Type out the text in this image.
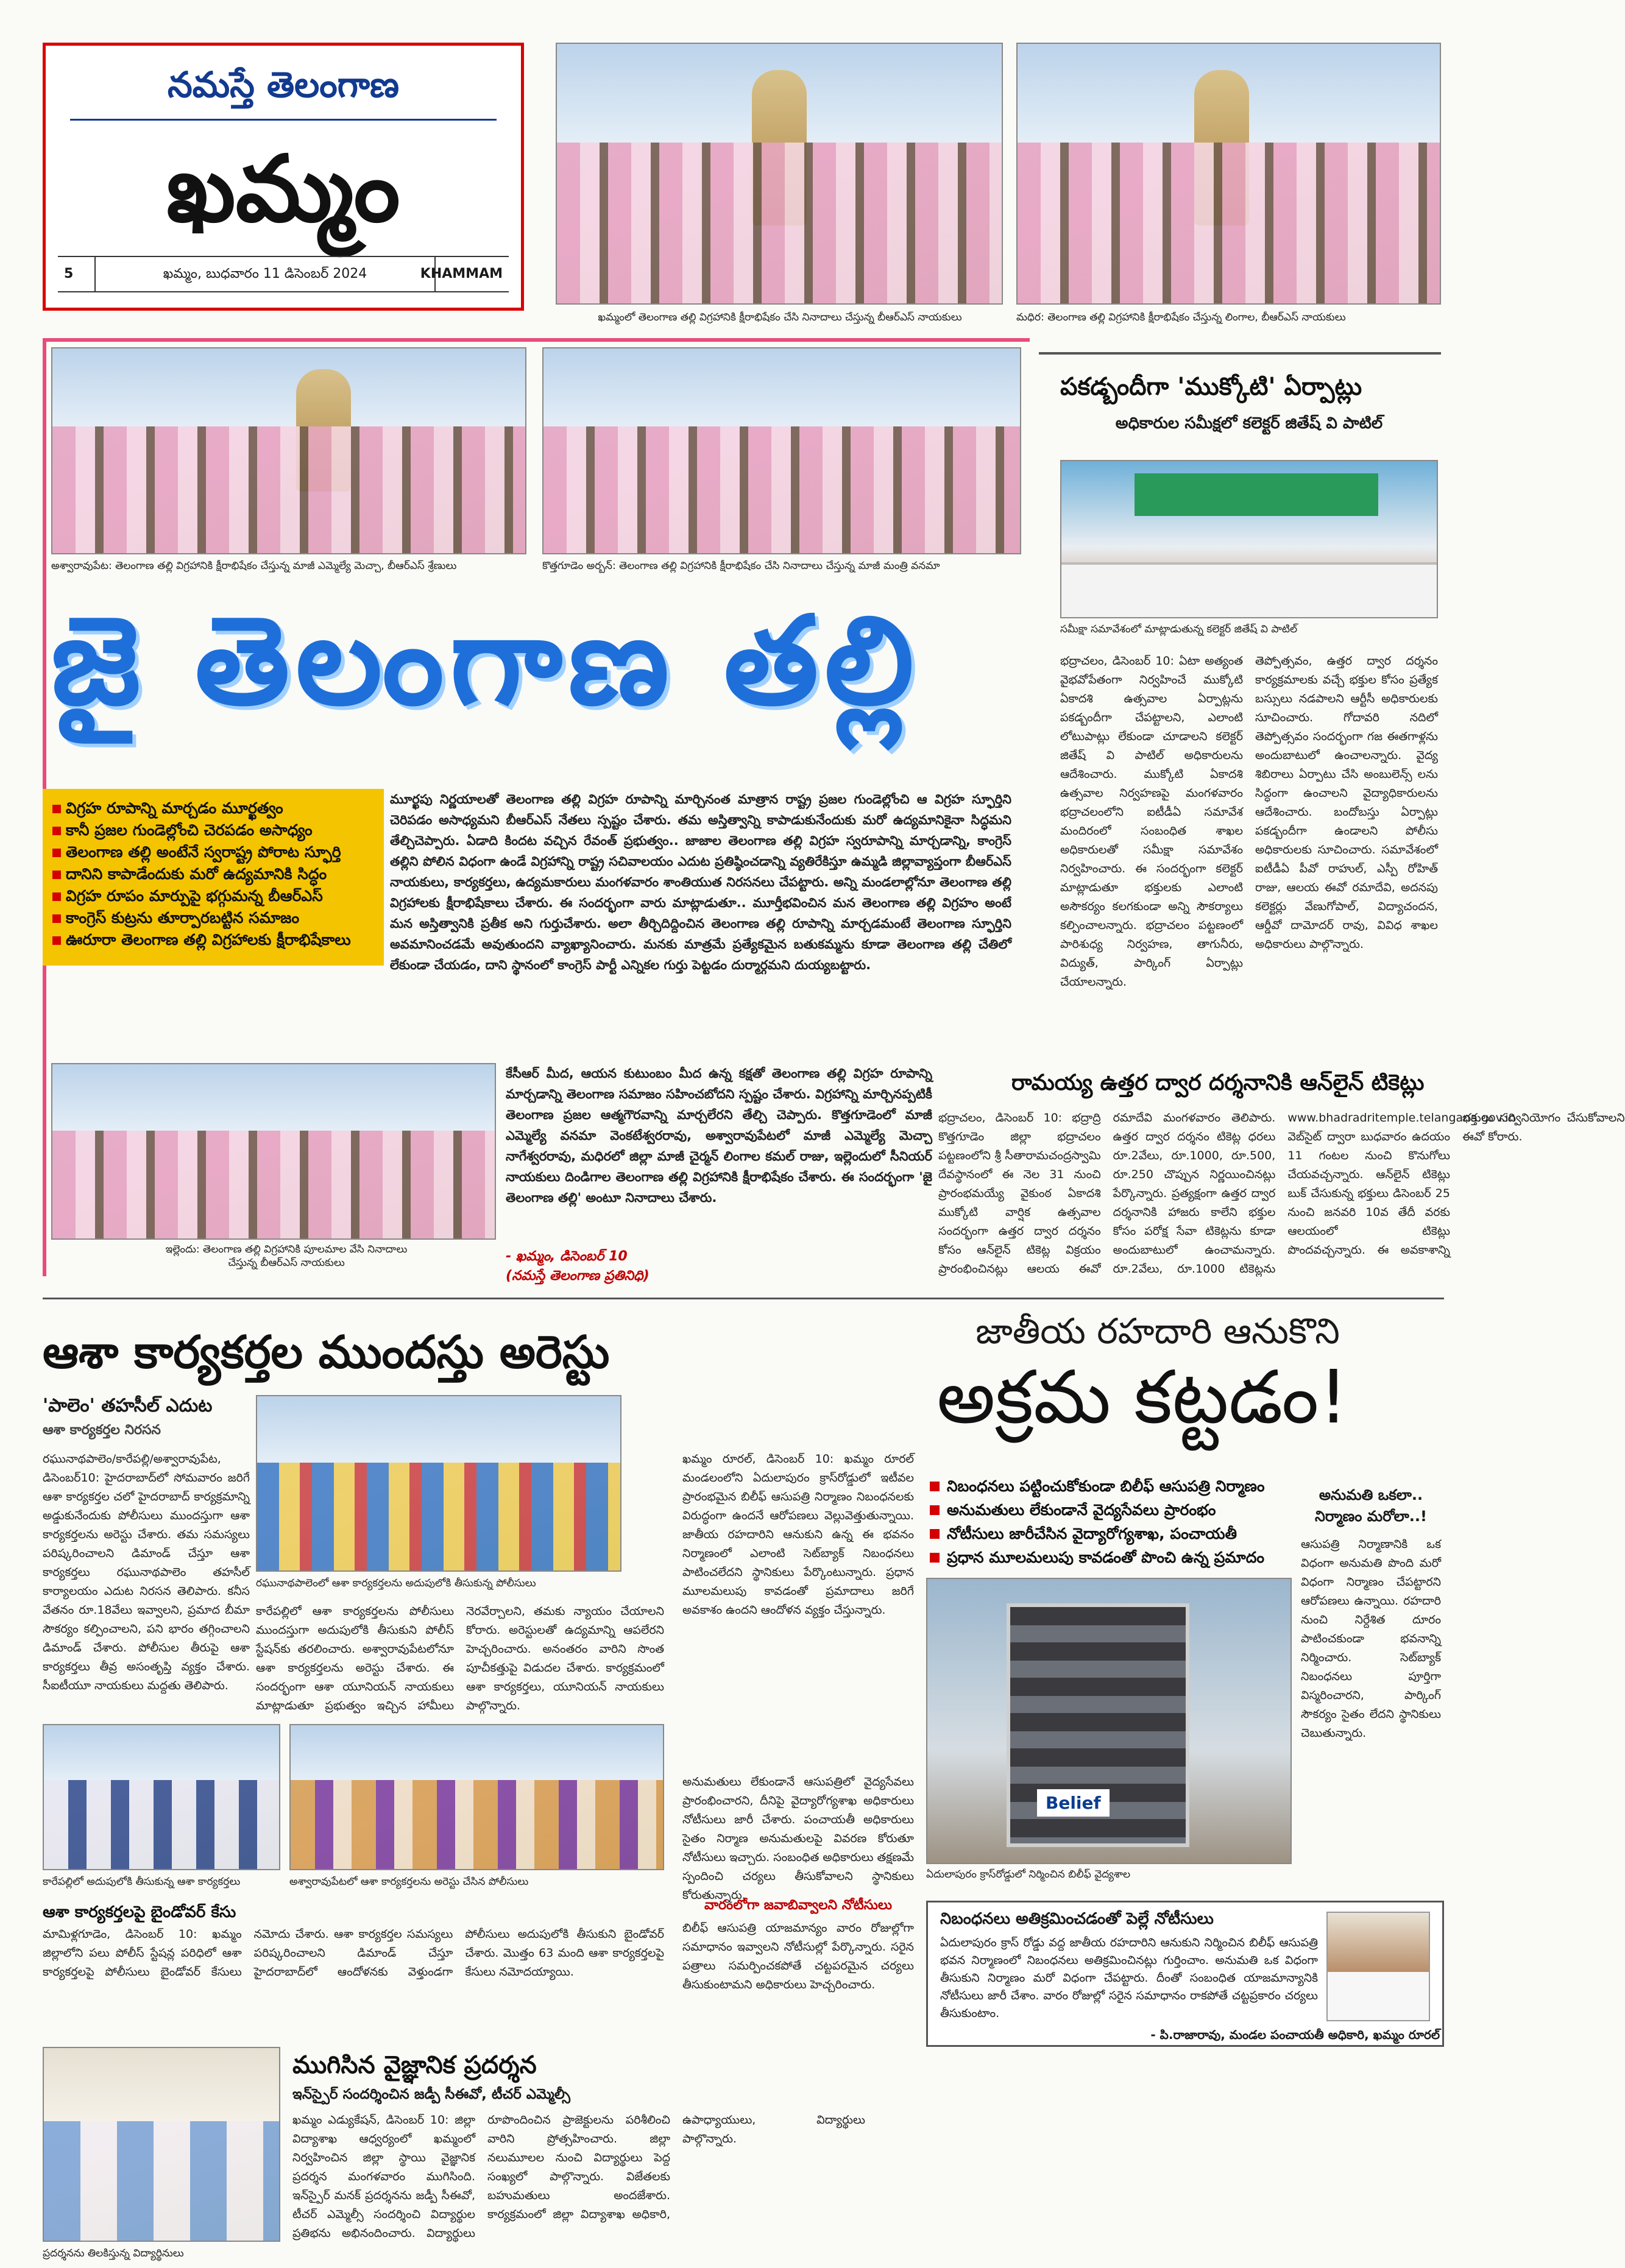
నమస్తే తెలంగాణ
ఖమ్మం
5	ఖమ్మం, బుధవారం 11 డిసెంబర్ 2024	KHAMMAM
ఖమ్మంలో తెలంగాణ తల్లి విగ్రహానికి క్షీరాభిషేకం చేసి నినాదాలు చేస్తున్న బీఆర్ఎస్ నాయకులు	మధిర: తెలంగాణ తల్లి విగ్రహానికి క్షీరాభిషేకం చేస్తున్న లింగాల, బీఆర్ఎస్ నాయకులు
అశ్వారావుపేట: తెలంగాణ తల్లి విగ్రహానికి క్షీరాభిషేకం చేస్తున్న మాజీ ఎమ్మెల్యే మెచ్చా, బీఆర్ఎస్ శ్రేణులు	కొత్తగూడెం అర్బన్: తెలంగాణ తల్లి విగ్రహానికి క్షీరాభిషేకం చేసి నినాదాలు చేస్తున్న మాజీ మంత్రి వనమా
జై తెలంగాణ తల్లి
విగ్రహ రూపాన్ని మార్చడం మూర్ఖత్వం
కానీ ప్రజల గుండెల్లోంచి చెరపడం అసాధ్యం
తెలంగాణ తల్లి అంటేనే స్వరాష్ట్ర పోరాట స్ఫూర్తి
దానిని కాపాడేందుకు మరో ఉద్యమానికి సిద్ధం
విగ్రహ రూపం మార్పుపై భగ్గుమన్న బీఆర్ఎస్
కాంగ్రెస్ కుట్రను తూర్పారబట్టిన సమాజం
ఊరూరా తెలంగాణ తల్లి విగ్రహాలకు క్షీరాభిషేకాలు
మూర్ఖపు నిర్ణయాలతో తెలంగాణ తల్లి విగ్రహ రూపాన్ని మార్చినంత మాత్రాన రాష్ట్ర ప్రజల గుండెల్లోంచి ఆ విగ్రహ స్ఫూర్తిని చెరిపడం అసాధ్యమని బీఆర్ఎస్ నేతలు స్పష్టం చేశారు. తమ అస్తిత్వాన్ని కాపాడుకునేందుకు మరో ఉద్యమానికైనా సిద్ధమని తేల్చిచెప్పారు. ఏడాది కిందట వచ్చిన రేవంత్ ప్రభుత్వం.. జాజాల తెలంగాణ తల్లి విగ్రహ స్వరూపాన్ని మార్చడాన్ని, కాంగ్రెస్ తల్లిని పోలిన విధంగా ఉండే విగ్రహాన్ని రాష్ట్ర సచివాలయం ఎదుట ప్రతిష్ఠించడాన్ని వ్యతిరేకిస్తూ ఉమ్మడి జిల్లావ్యాప్తంగా బీఆర్ఎస్ నాయకులు, కార్యకర్తలు, ఉద్యమకారులు మంగళవారం శాంతియుత నిరసనలు చేపట్టారు. అన్ని మండలాల్లోనూ తెలంగాణ తల్లి విగ్రహాలకు క్షీరాభిషేకాలు చేశారు. ఈ సందర్భంగా వారు మాట్లాడుతూ.. మూర్తీభవించిన మన తెలంగాణ తల్లి విగ్రహం అంటే మన అస్తిత్వానికి ప్రతీక అని గుర్తుచేశారు. అలా తీర్చిదిద్దించిన తెలంగాణ తల్లి రూపాన్ని మార్చడమంటే తెలంగాణ స్ఫూర్తిని అవమానించడమే అవుతుందని వ్యాఖ్యానించారు. మనకు మాత్రమే ప్రత్యేకమైన బతుకమ్మను కూడా తెలంగాణ తల్లి చేతిలో లేకుండా చేయడం, దాని స్థానంలో కాంగ్రెస్ పార్టీ ఎన్నికల గుర్తు పెట్టడం దుర్మార్గమని దుయ్యబట్టారు.
ఇల్లెందు: తెలంగాణ తల్లి విగ్రహానికి పూలమాల వేసి నినాదాలు చేస్తున్న బీఆర్ఎస్ నాయకులు
కేసీఆర్ మీద, ఆయన కుటుంబం మీద ఉన్న కక్షతో తెలంగాణ తల్లి విగ్రహ రూపాన్ని మార్చడాన్ని తెలంగాణ సమాజం సహించబోదని స్పష్టం చేశారు. విగ్రహాన్ని మార్చినప్పటికీ తెలంగాణ ప్రజల ఆత్మగౌరవాన్ని మార్చలేరని తేల్చి చెప్పారు. కొత్తగూడెంలో మాజీ ఎమ్మెల్యే వనమా వెంకటేశ్వరరావు, అశ్వారావుపేటలో మాజీ ఎమ్మెల్యే మెచ్చా నాగేశ్వరరావు, మధిరలో జిల్లా మాజీ చైర్మన్ లింగాల కమల్ రాజు, ఇల్లెందులో సీనియర్ నాయకులు దిండిగాల తెలంగాణ తల్లి విగ్రహానికి క్షీరాభిషేకం చేశారు. ఈ సందర్భంగా 'జై తెలంగాణ తల్లి' అంటూ నినాదాలు చేశారు.
- ఖమ్మం, డిసెంబర్ 10
(నమస్తే తెలంగాణ ప్రతినిధి)
పకడ్బందీగా 'ముక్కోటి' ఏర్పాట్లు
అధికారుల సమీక్షలో కలెక్టర్ జితేష్ వి పాటిల్
సమీక్షా సమావేశంలో మాట్లాడుతున్న కలెక్టర్ జితేష్ వి పాటిల్
భద్రాచలం, డిసెంబర్ 10: ఏటా అత్యంత వైభవోపేతంగా నిర్వహించే ముక్కోటి ఏకాదశి ఉత్సవాల ఏర్పాట్లను పకడ్బందీగా చేపట్టాలని, ఎలాంటి లోటుపాట్లు లేకుండా చూడాలని కలెక్టర్ జితేష్ వి పాటిల్ అధికారులను ఆదేశించారు. ముక్కోటి ఏకాదశి ఉత్సవాల నిర్వహణపై మంగళవారం భద్రాచలంలోని ఐటీడీఏ సమావేశ మందిరంలో సంబంధిత శాఖల అధికారులతో సమీక్షా సమావేశం నిర్వహించారు. ఈ సందర్భంగా కలెక్టర్ మాట్లాడుతూ భక్తులకు ఎలాంటి అసౌకర్యం కలగకుండా అన్ని సౌకర్యాలు కల్పించాలన్నారు. భద్రాచలం పట్టణంలో పారిశుధ్య నిర్వహణ, తాగునీరు, విద్యుత్, పార్కింగ్ ఏర్పాట్లు చేయాలన్నారు.
తెప్పోత్సవం, ఉత్తర ద్వార దర్శనం కార్యక్రమాలకు వచ్చే భక్తుల కోసం ప్రత్యేక బస్సులు నడపాలని ఆర్టీసీ అధికారులకు సూచించారు. గోదావరి నదిలో తెప్పోత్సవం సందర్భంగా గజ ఈతగాళ్లను అందుబాటులో ఉంచాలన్నారు. వైద్య శిబిరాలు ఏర్పాటు చేసి అంబులెన్స్ లను సిద్ధంగా ఉంచాలని వైద్యాధికారులను ఆదేశించారు. బందోబస్తు ఏర్పాట్లు పకడ్బందీగా ఉండాలని పోలీసు అధికారులకు సూచించారు. సమావేశంలో ఐటీడీఏ పీవో రాహుల్, ఎస్పీ రోహిత్ రాజు, ఆలయ ఈవో రమాదేవి, అదనపు కలెక్టర్లు వేణుగోపాల్, విద్యాచందన, ఆర్డీవో దామోదర్ రావు, వివిధ శాఖల అధికారులు పాల్గొన్నారు.
రామయ్య ఉత్తర ద్వార దర్శనానికి ఆన్‌లైన్ టికెట్లు
భద్రాచలం, డిసెంబర్ 10: భద్రాద్రి కొత్తగూడెం జిల్లా భద్రాచలం పట్టణంలోని శ్రీ సీతారామచంద్రస్వామి దేవస్థానంలో ఈ నెల 31 నుంచి ప్రారంభమయ్యే వైకుంఠ ఏకాదశి ముక్కోటి వార్షిక ఉత్సవాల సందర్భంగా ఉత్తర ద్వార దర్శనం కోసం ఆన్‌లైన్ టికెట్ల విక్రయం ప్రారంభించినట్లు ఆలయ ఈవో రమాదేవి మంగళవారం తెలిపారు. ఉత్తర ద్వార దర్శనం టికెట్ల ధరలు రూ.2వేలు, రూ.1000, రూ.500, రూ.250 చొప్పున నిర్ణయించినట్లు పేర్కొన్నారు. ప్రత్యక్షంగా ఉత్తర ద్వార దర్శనానికి హాజరు కాలేని భక్తుల కోసం పరోక్ష సేవా టికెట్లను కూడా అందుబాటులో ఉంచామన్నారు. రూ.2వేలు, రూ.1000 టికెట్లను www.bhadradritemple.telangana.gov.in వెబ్‌సైట్ ద్వారా బుధవారం ఉదయం 11 గంటల నుంచి కొనుగోలు చేయవచ్చన్నారు. ఆన్‌లైన్ టికెట్లు బుక్ చేసుకున్న భక్తులు డిసెంబర్ 25 నుంచి జనవరి 10వ తేదీ వరకు ఆలయంలో టికెట్లు పొందవచ్చన్నారు. ఈ అవకాశాన్ని భక్తులు సద్వినియోగం చేసుకోవాలని ఈవో కోరారు.
ఆశా కార్యకర్తల ముందస్తు అరెస్టు
'పాలెం' తహసీల్ ఎదుట
ఆశా కార్యకర్తల నిరసన
రఘునాథపాలెం/కారేపల్లి/అశ్వారావుపేట, డిసెంబర్10: హైదరాబాద్‌లో సోమవారం జరిగే ఆశా కార్యకర్తల చలో హైదరాబాద్ కార్యక్రమాన్ని అడ్డుకునేందుకు పోలీసులు ముందస్తుగా ఆశా కార్యకర్తలను అరెస్టు చేశారు. తమ సమస్యలు పరిష్కరించాలని డిమాండ్ చేస్తూ ఆశా కార్యకర్తలు రఘునాథపాలెం తహసీల్ కార్యాలయం ఎదుట నిరసన తెలిపారు. కనీస వేతనం రూ.18వేలు ఇవ్వాలని, ప్రమాద బీమా సౌకర్యం కల్పించాలని, పని భారం తగ్గించాలని డిమాండ్ చేశారు. పోలీసుల తీరుపై ఆశా కార్యకర్తలు తీవ్ర అసంతృప్తి వ్యక్తం చేశారు. సీఐటీయూ నాయకులు మద్దతు తెలిపారు.
రఘునాథపాలెంలో ఆశా కార్యకర్తలను అదుపులోకి తీసుకున్న పోలీసులు
కారేపల్లిలో ఆశా కార్యకర్తలను పోలీసులు ముందస్తుగా అదుపులోకి తీసుకుని పోలీస్ స్టేషన్‌కు తరలించారు. అశ్వారావుపేటలోనూ ఆశా కార్యకర్తలను అరెస్టు చేశారు. ఈ సందర్భంగా ఆశా యూనియన్ నాయకులు మాట్లాడుతూ ప్రభుత్వం ఇచ్చిన హామీలు నెరవేర్చాలని, తమకు న్యాయం చేయాలని కోరారు. అరెస్టులతో ఉద్యమాన్ని ఆపలేరని హెచ్చరించారు. అనంతరం వారిని సొంత పూచీకత్తుపై విడుదల చేశారు. కార్యక్రమంలో ఆశా కార్యకర్తలు, యూనియన్ నాయకులు పాల్గొన్నారు.
కారేపల్లిలో అదుపులోకి తీసుకున్న ఆశా కార్యకర్తలు	అశ్వారావుపేటలో ఆశా కార్యకర్తలను అరెస్టు చేసిన పోలీసులు
ఆశా కార్యకర్తలపై బైండోవర్ కేసు
మామిళ్లగూడెం, డిసెంబర్ 10: ఖమ్మం జిల్లాలోని పలు పోలీస్ స్టేషన్ల పరిధిలో ఆశా కార్యకర్తలపై పోలీసులు బైండోవర్ కేసులు నమోదు చేశారు. ఆశా కార్యకర్తల సమస్యలు పరిష్కరించాలని డిమాండ్ చేస్తూ హైదరాబాద్‌లో ఆందోళనకు వెళ్తుండగా పోలీసులు అదుపులోకి తీసుకుని బైండోవర్ చేశారు. మొత్తం 63 మంది ఆశా కార్యకర్తలపై కేసులు నమోదయ్యాయి.
జాతీయ రహదారి ఆనుకొని
అక్రమ కట్టడం!
ఖమ్మం రూరల్, డిసెంబర్ 10: ఖమ్మం రూరల్ మండలంలోని ఏదులాపురం క్రాస్‌రోడ్డులో ఇటీవల ప్రారంభమైన బిలీఫ్ ఆసుపత్రి నిర్మాణం నిబంధనలకు విరుద్ధంగా ఉందనే ఆరోపణలు వెల్లువెత్తుతున్నాయి. జాతీయ రహదారిని ఆనుకుని ఉన్న ఈ భవనం నిర్మాణంలో ఎలాంటి సెట్‌బ్యాక్ నిబంధనలు పాటించలేదని స్థానికులు పేర్కొంటున్నారు. ప్రధాన మూలమలుపు కావడంతో ప్రమాదాలు జరిగే అవకాశం ఉందని ఆందోళన వ్యక్తం చేస్తున్నారు.
నిబంధనలు పట్టించుకోకుండా బిలీఫ్ ఆసుపత్రి నిర్మాణం
అనుమతులు లేకుండానే వైద్యసేవలు ప్రారంభం
నోటీసులు జారీచేసిన వైద్యారోగ్యశాఖ, పంచాయతీ
ప్రధాన మూలమలుపు కావడంతో పొంచి ఉన్న ప్రమాదం
Belief
ఏదులాపురం క్రాస్‌రోడ్డులో నిర్మించిన బిలీఫ్ వైద్యశాల
అనుమతులు లేకుండానే ఆసుపత్రిలో వైద్యసేవలు ప్రారంభించారని, దీనిపై వైద్యారోగ్యశాఖ అధికారులు నోటీసులు జారీ చేశారు. పంచాయతీ అధికారులు సైతం నిర్మాణ అనుమతులపై వివరణ కోరుతూ నోటీసులు ఇచ్చారు. సంబంధిత అధికారులు తక్షణమే స్పందించి చర్యలు తీసుకోవాలని స్థానికులు కోరుతున్నారు.
వారంలోగా జవాబివ్వాలని నోటీసులు
బిలీఫ్ ఆసుపత్రి యాజమాన్యం వారం రోజుల్లోగా సమాధానం ఇవ్వాలని నోటీసుల్లో పేర్కొన్నారు. సరైన పత్రాలు సమర్పించకపోతే చట్టపరమైన చర్యలు తీసుకుంటామని అధికారులు హెచ్చరించారు.
అనుమతి ఒకలా..
నిర్మాణం మరోలా..!
ఆసుపత్రి నిర్మాణానికి ఒక విధంగా అనుమతి పొంది మరో విధంగా నిర్మాణం చేపట్టారని ఆరోపణలు ఉన్నాయి. రహదారి నుంచి నిర్దేశిత దూరం పాటించకుండా భవనాన్ని నిర్మించారు. సెట్‌బ్యాక్ నిబంధనలు పూర్తిగా విస్మరించారని, పార్కింగ్ సౌకర్యం సైతం లేదని స్థానికులు చెబుతున్నారు.
నిబంధనలు అతిక్రమించడంతో పెల్లే నోటీసులు
ఏదులాపురం క్రాస్ రోడ్డు వద్ద జాతీయ రహదారిని ఆనుకుని నిర్మించిన బిలీఫ్ ఆసుపత్రి భవన నిర్మాణంలో నిబంధనలు అతిక్రమించినట్లు గుర్తించాం. అనుమతి ఒక విధంగా తీసుకుని నిర్మాణం మరో విధంగా చేపట్టారు. దీంతో సంబంధిత యాజమాన్యానికి నోటీసులు జారీ చేశాం. వారం రోజుల్లో సరైన సమాధానం రాకపోతే చట్టప్రకారం చర్యలు తీసుకుంటాం.
- పి.రాజారావు, మండల పంచాయతీ అధికారి, ఖమ్మం రూరల్
ప్రదర్శనను తిలకిస్తున్న విద్యార్థినులు
ముగిసిన వైజ్ఞానిక ప్రదర్శన
ఇన్‌స్పైర్ సందర్శించిన జడ్పీ సీఈవో, టీచర్ ఎమ్మెల్సీ
ఖమ్మం ఎడ్యుకేషన్, డిసెంబర్ 10: జిల్లా విద్యాశాఖ ఆధ్వర్యంలో ఖమ్మంలో నిర్వహించిన జిల్లా స్థాయి వైజ్ఞానిక ప్రదర్శన మంగళవారం ముగిసింది. ఇన్‌స్పైర్ మనక్ ప్రదర్శనను జడ్పీ సీఈవో, టీచర్ ఎమ్మెల్సీ సందర్శించి విద్యార్థుల ప్రతిభను అభినందించారు. విద్యార్థులు రూపొందించిన ప్రాజెక్టులను పరిశీలించి వారిని ప్రోత్సహించారు. జిల్లా నలుమూలల నుంచి విద్యార్థులు పెద్ద సంఖ్యలో పాల్గొన్నారు. విజేతలకు బహుమతులు అందజేశారు. కార్యక్రమంలో జిల్లా విద్యాశాఖ అధికారి, ఉపాధ్యాయులు, విద్యార్థులు పాల్గొన్నారు.
